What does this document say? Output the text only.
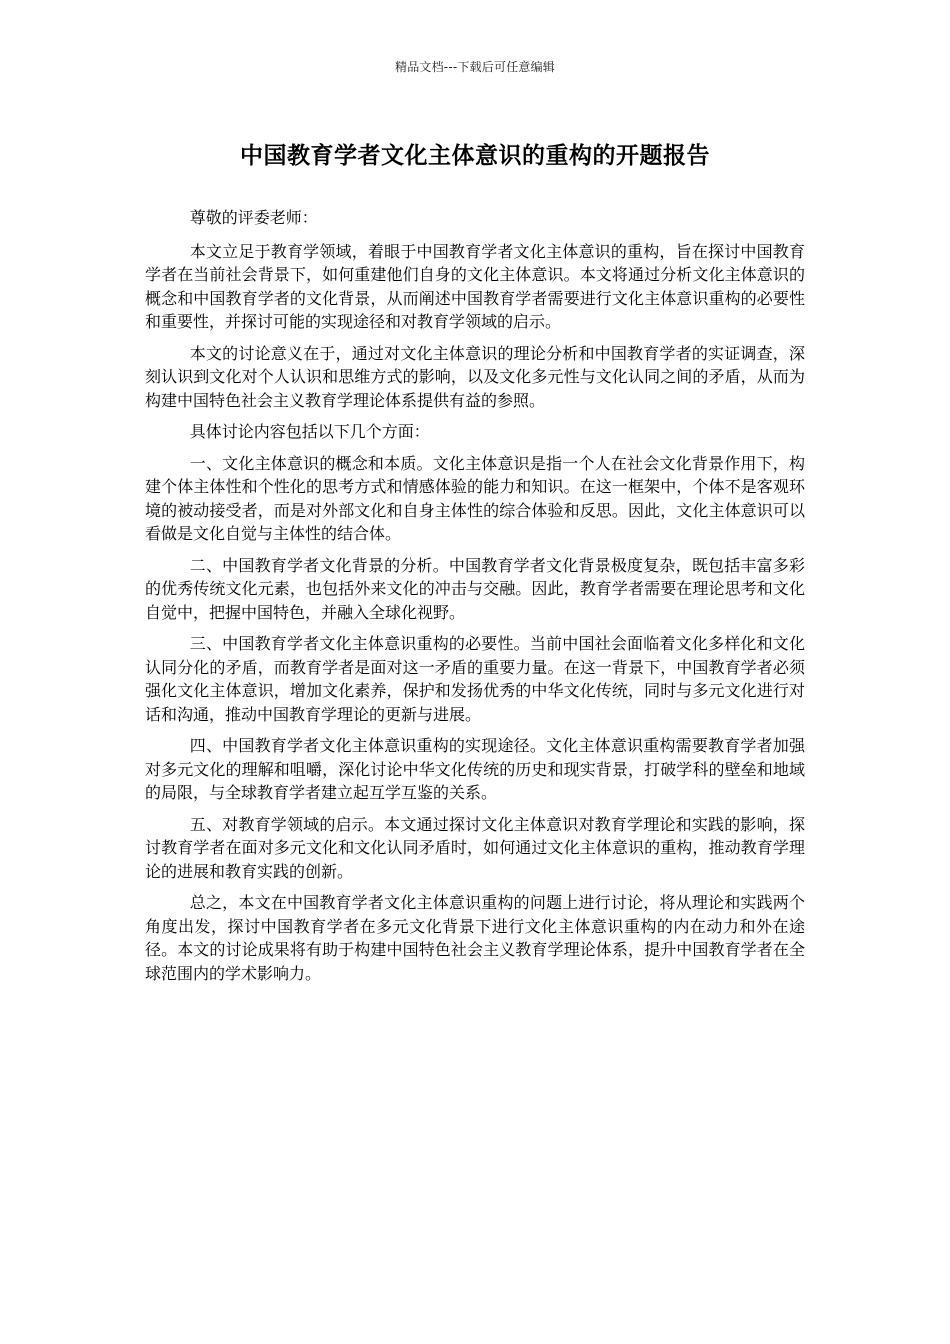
精品文档---下载后可任意编辑
中国教育学者文化主体意识的重构的开题报告

尊敬的评委老师：

本文立足于教育学领域，着眼于中国教育学者文化主体意识的重构，旨在探讨中国教育学者在当前社会背景下，如何重建他们自身的文化主体意识。本文将通过分析文化主体意识的概念和中国教育学者的文化背景，从而阐述中国教育学者需要进行文化主体意识重构的必要性和重要性，并探讨可能的实现途径和对教育学领域的启示。

本文的讨论意义在于，通过对文化主体意识的理论分析和中国教育学者的实证调查，深刻认识到文化对个人认识和思维方式的影响，以及文化多元性与文化认同之间的矛盾，从而为构建中国特色社会主义教育学理论体系提供有益的参照。

具体讨论内容包括以下几个方面：

一、文化主体意识的概念和本质。文化主体意识是指一个人在社会文化背景作用下，构建个体主体性和个性化的思考方式和情感体验的能力和知识。在这一框架中，个体不是客观环境的被动接受者，而是对外部文化和自身主体性的综合体验和反思。因此，文化主体意识可以看做是文化自觉与主体性的结合体。

二、中国教育学者文化背景的分析。中国教育学者文化背景极度复杂，既包括丰富多彩的优秀传统文化元素，也包括外来文化的冲击与交融。因此，教育学者需要在理论思考和文化自觉中，把握中国特色，并融入全球化视野。

三、中国教育学者文化主体意识重构的必要性。当前中国社会面临着文化多样化和文化认同分化的矛盾，而教育学者是面对这一矛盾的重要力量。在这一背景下，中国教育学者必须强化文化主体意识，增加文化素养，保护和发扬优秀的中华文化传统，同时与多元文化进行对话和沟通，推动中国教育学理论的更新与进展。

四、中国教育学者文化主体意识重构的实现途径。文化主体意识重构需要教育学者加强对多元文化的理解和咀嚼，深化讨论中华文化传统的历史和现实背景，打破学科的壁垒和地域的局限，与全球教育学者建立起互学互鉴的关系。

五、对教育学领域的启示。本文通过探讨文化主体意识对教育学理论和实践的影响，探讨教育学者在面对多元文化和文化认同矛盾时，如何通过文化主体意识的重构，推动教育学理论的进展和教育实践的创新。

总之，本文在中国教育学者文化主体意识重构的问题上进行讨论，将从理论和实践两个角度出发，探讨中国教育学者在多元文化背景下进行文化主体意识重构的内在动力和外在途径。本文的讨论成果将有助于构建中国特色社会主义教育学理论体系，提升中国教育学者在全球范围内的学术影响力。
